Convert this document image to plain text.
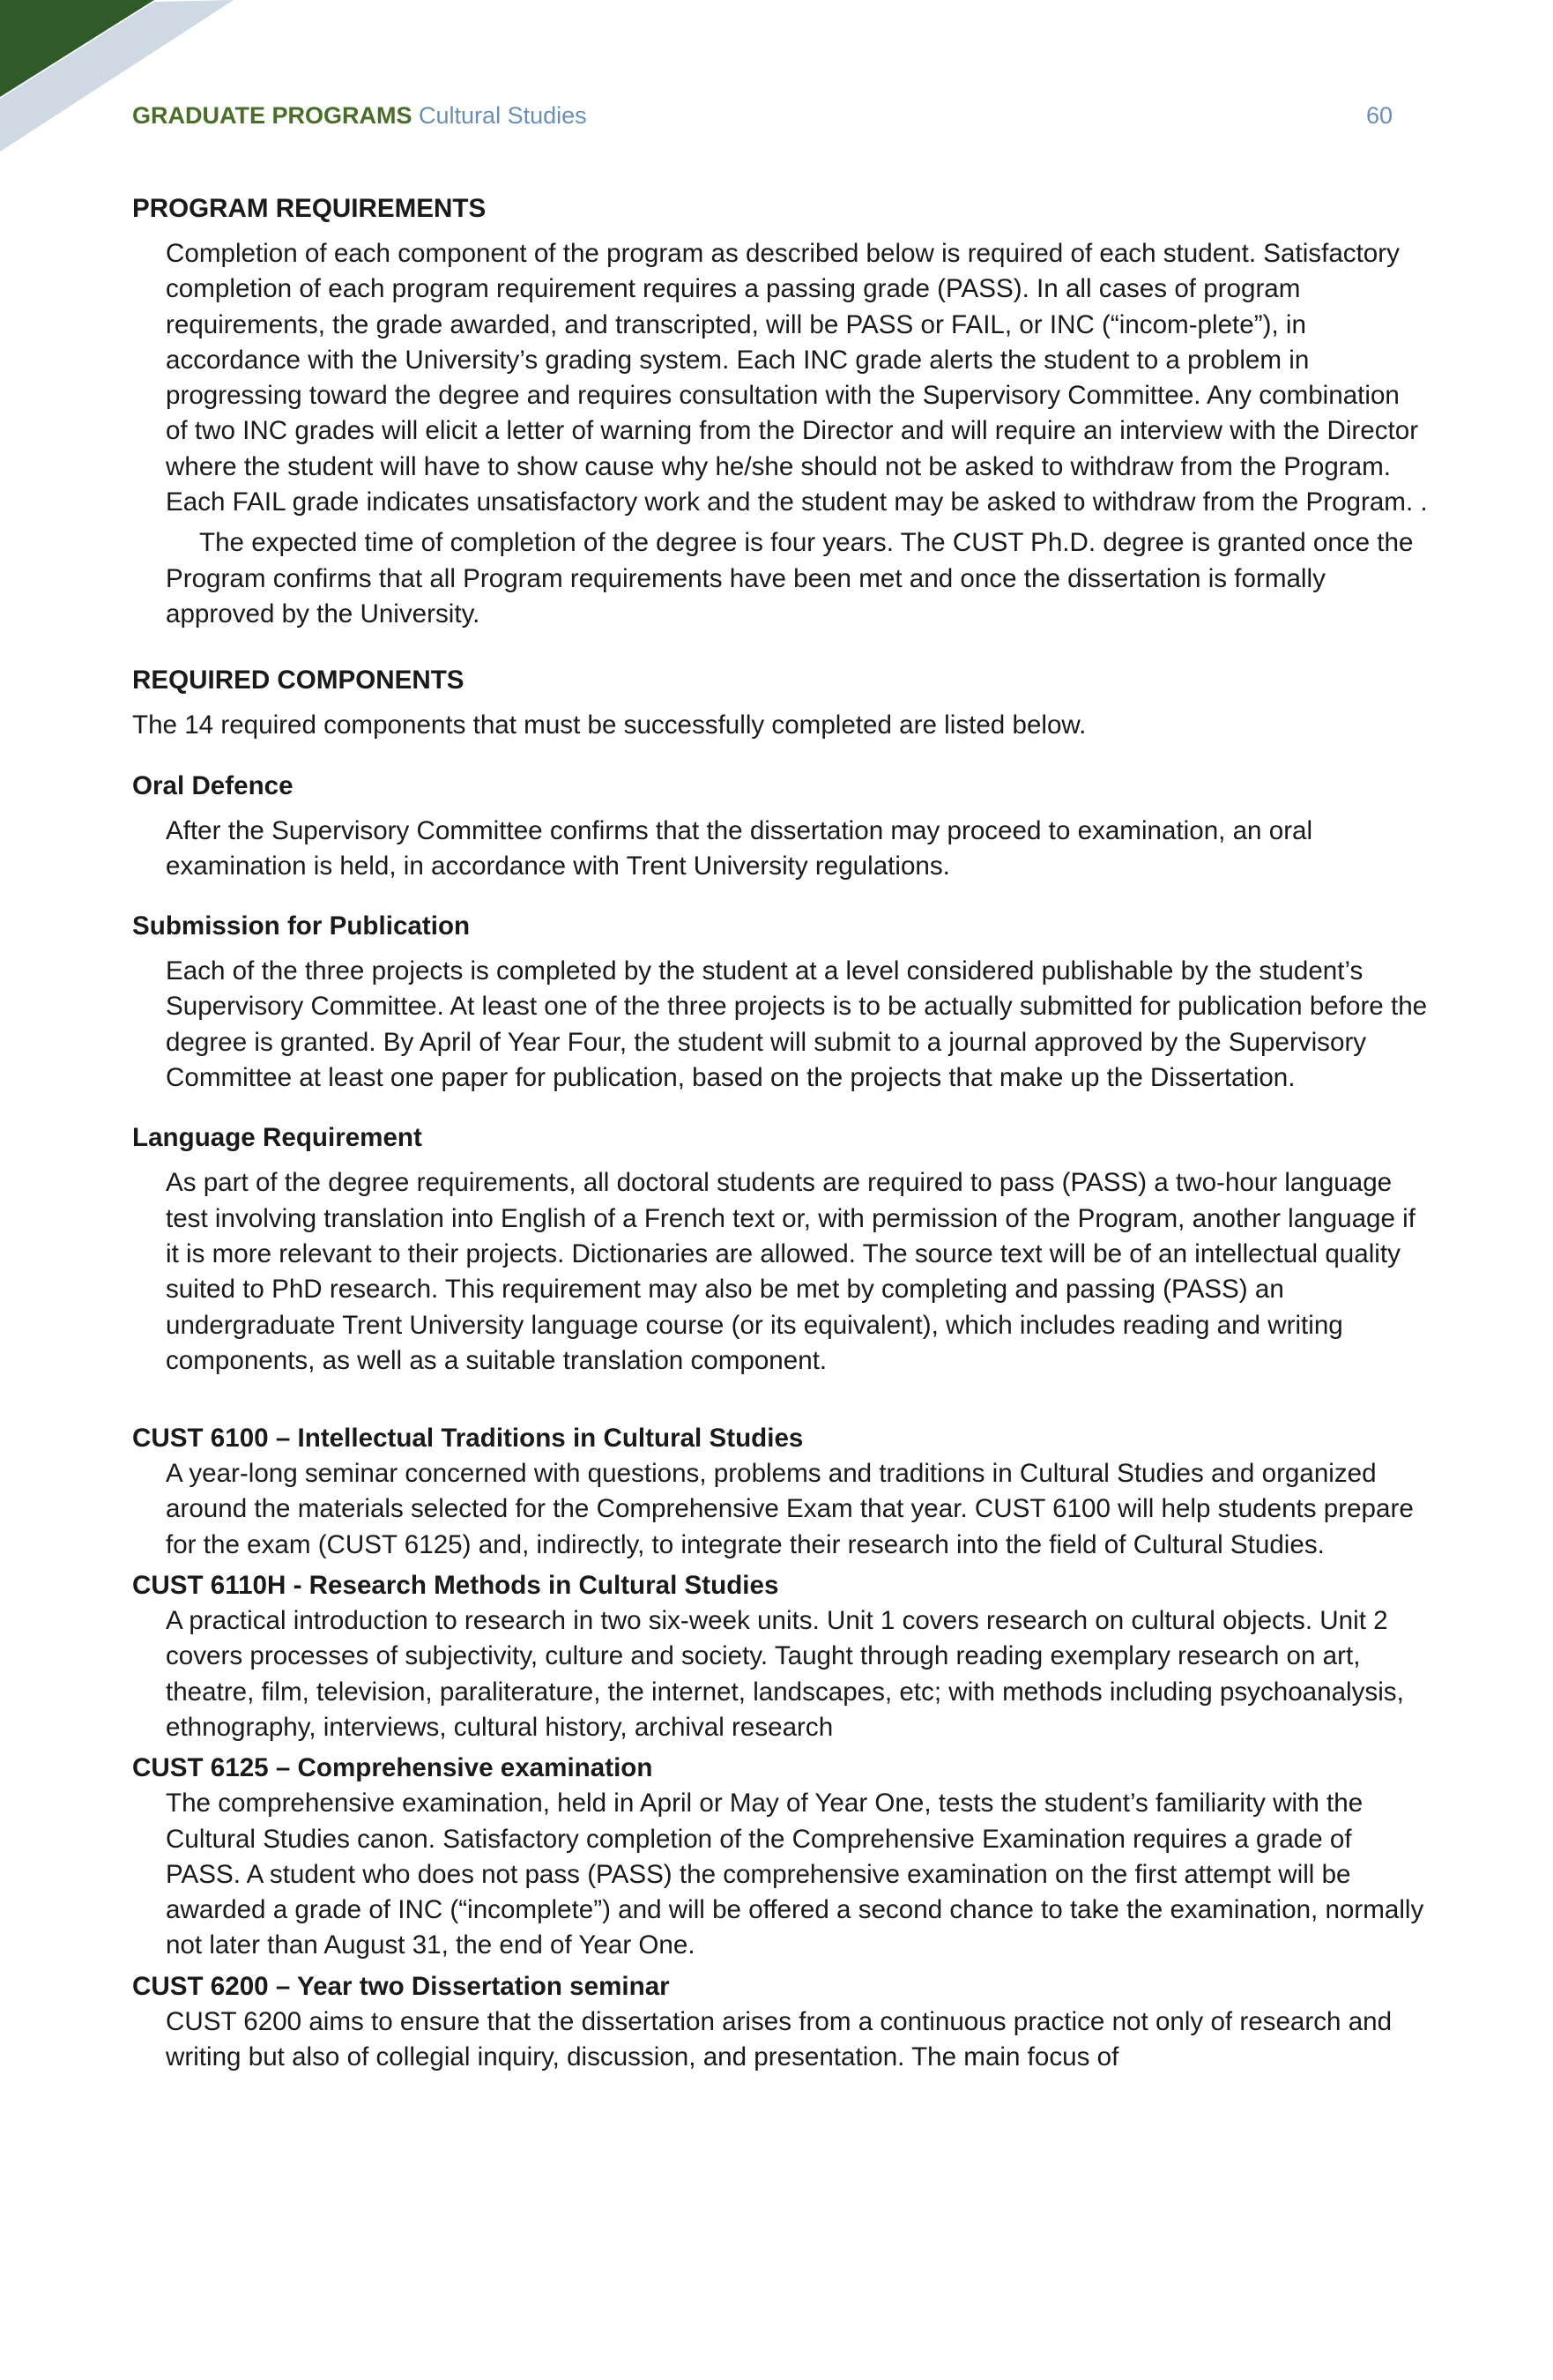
GRADUATE PROGRAMS Cultural Studies	60
PROGRAM REQUIREMENTS

Completion of each component of the program as described below is required of each student. Satisfactory completion of each program requirement requires a passing grade (PASS). In all cases of program requirements, the grade awarded, and transcripted, will be PASS or FAIL, or INC (“incom-plete”), in accordance with the University’s grading system. Each INC grade alerts the student to a problem in progressing toward the degree and requires consultation with the Supervisory Committee. Any combination of two INC grades will elicit a letter of warning from the Director and will require an interview with the Director where the student will have to show cause why he/she should not be asked to withdraw from the Program. Each FAIL grade indicates unsatisfactory work and the student may be asked to withdraw from the Program. .

The expected time of completion of the degree is four years. The CUST Ph.D. degree is granted once the Program confirms that all Program requirements have been met and once the dissertation is formally approved by the University.

REQUIRED COMPONENTS

The 14 required components that must be successfully completed are listed below.

Oral Defence

After the Supervisory Committee confirms that the dissertation may proceed to examination, an oral examination is held, in accordance with Trent University regulations.

Submission for Publication

Each of the three projects is completed by the student at a level considered publishable by the student’s Supervisory Committee. At least one of the three projects is to be actually submitted for publication before the degree is granted. By April of Year Four, the student will submit to a journal approved by the Supervisory Committee at least one paper for publication, based on the projects that make up the Dissertation.

Language Requirement

As part of the degree requirements, all doctoral students are required to pass (PASS) a two-hour language test involving translation into English of a French text or, with permission of the Program, another language if it is more relevant to their projects. Dictionaries are allowed. The source text will be of an intellectual quality suited to PhD research. This requirement may also be met by completing and passing (PASS) an undergraduate Trent University language course (or its equivalent), which includes reading and writing components, as well as a suitable translation component.

CUST 6100 – Intellectual Traditions in Cultural Studies

A year-long seminar concerned with questions, problems and traditions in Cultural Studies and organized around the materials selected for the Comprehensive Exam that year. CUST 6100 will help students prepare for the exam (CUST 6125) and, indirectly, to integrate their research into the field of Cultural Studies.

CUST 6110H - Research Methods in Cultural Studies

A practical introduction to research in two six-week units. Unit 1 covers research on cultural objects. Unit 2 covers processes of subjectivity, culture and society. Taught through reading exemplary research on art, theatre, film, television, paraliterature, the internet, landscapes, etc; with methods including psychoanalysis, ethnography, interviews, cultural history, archival research

CUST 6125 – Comprehensive examination

The comprehensive examination, held in April or May of Year One, tests the student’s familiarity with the Cultural Studies canon. Satisfactory completion of the Comprehensive Examination requires a grade of PASS. A student who does not pass (PASS) the comprehensive examination on the first attempt will be awarded a grade of INC (“incomplete”) and will be offered a second chance to take the examination, normally not later than August 31, the end of Year One.

CUST 6200 – Year two Dissertation seminar

CUST 6200 aims to ensure that the dissertation arises from a continuous practice not only of research and writing but also of collegial inquiry, discussion, and presentation. The main focus of
